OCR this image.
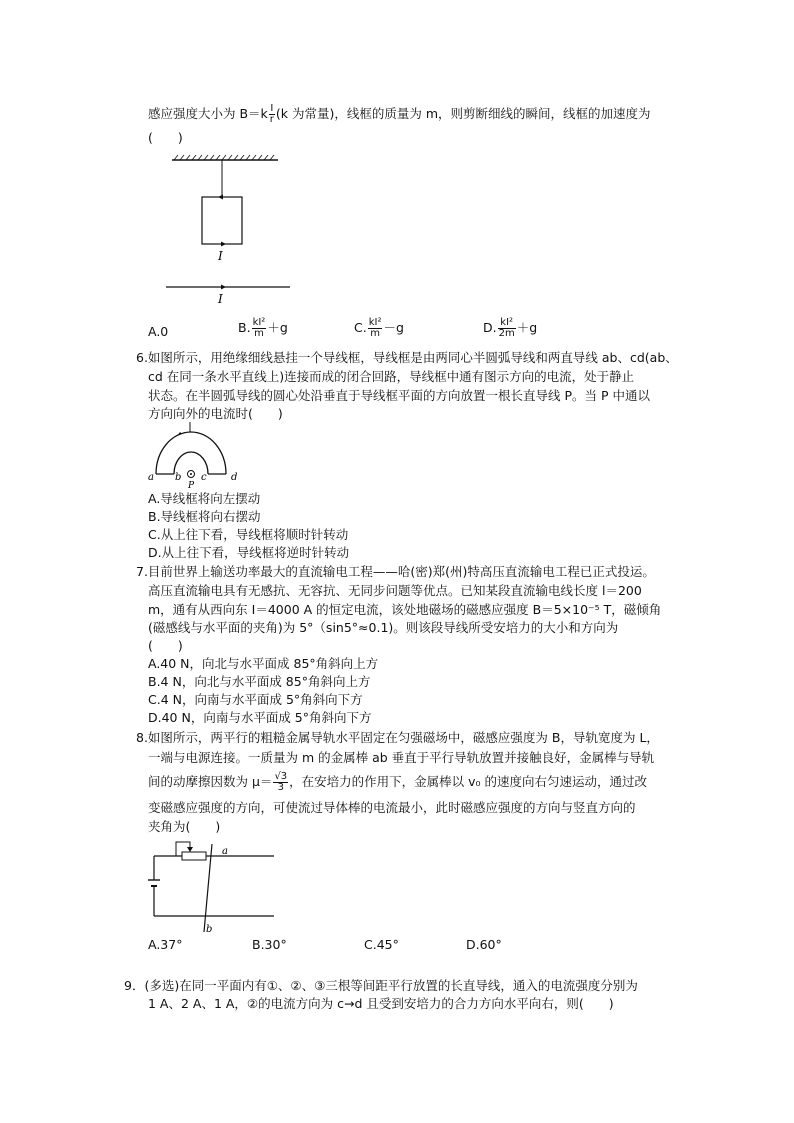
感应强度大小为 $B=k \frac{I}{r} (k$ 为常量)，线框的质量为 m，则剪断细线的瞬间，线框的加速度为
(　　)
I
I
A.0	B. $\frac{\text{kI²}}{m} +g$	C. $\frac{\text{kI²}}{m} -g$	D. $\frac{\text{kI²}}{2m} +g$
6.如图所示，用绝缘细线悬挂一个导线框，导线框是由两同心半圆弧导线和两直导线 ab、cd(ab、
cd 在同一条水平直线上)连接而成的闭合回路，导线框中通有图示方向的电流，处于静止
状态。在半圆弧导线的圆心处沿垂直于导线框平面的方向放置一根长直导线 P。当 P 中通以
方向向外的电流时(　　)
a b c d
P
A.导线框将向左摆动
B.导线框将向右摆动
C.从上往下看，导线框将顺时针转动
D.从上往下看，导线框将逆时针转动
7.目前世界上输送功率最大的直流输电工程——哈(密)郑(州)特高压直流输电工程已正式投运。
高压直流输电具有无感抗、无容抗、无同步问题等优点。已知某段直流输电线长度 l＝200
m，通有从西向东 I＝4000 A 的恒定电流，该处地磁场的磁感应强度 B＝5×10⁻⁵ T，磁倾角
(磁感线与水平面的夹角)为 5°（sin5°≈0.1)。则该段导线所受安培力的大小和方向为
(　　)
A.40 N，向北与水平面成 85°角斜向上方
B.4 N，向北与水平面成 85°角斜向上方
C.4 N，向南与水平面成 5°角斜向下方
D.40 N，向南与水平面成 5°角斜向下方
8.如图所示，两平行的粗糙金属导轨水平固定在匀强磁场中，磁感应强度为 B，导轨宽度为 L，
一端与电源连接。一质量为 m 的金属棒 ab 垂直于平行导轨放置并接触良好，金属棒与导轨
间的动摩擦因数为 $\mu= \frac{√3}{3}$ ，在安培力的作用下，金属棒以 v₀ 的速度向右匀速运动，通过改
变磁感应强度的方向，可使流过导体棒的电流最小，此时磁感应强度的方向与竖直方向的
夹角为(　　)
a
b
A.37°	B.30°	C.45°	D.60°
9．(多选)在同一平面内有①、②、③三根等间距平行放置的长直导线，通入的电流强度分别为
1 A、2 A、1 A，②的电流方向为 c→d 且受到安培力的合力方向水平向右，则(　　)
